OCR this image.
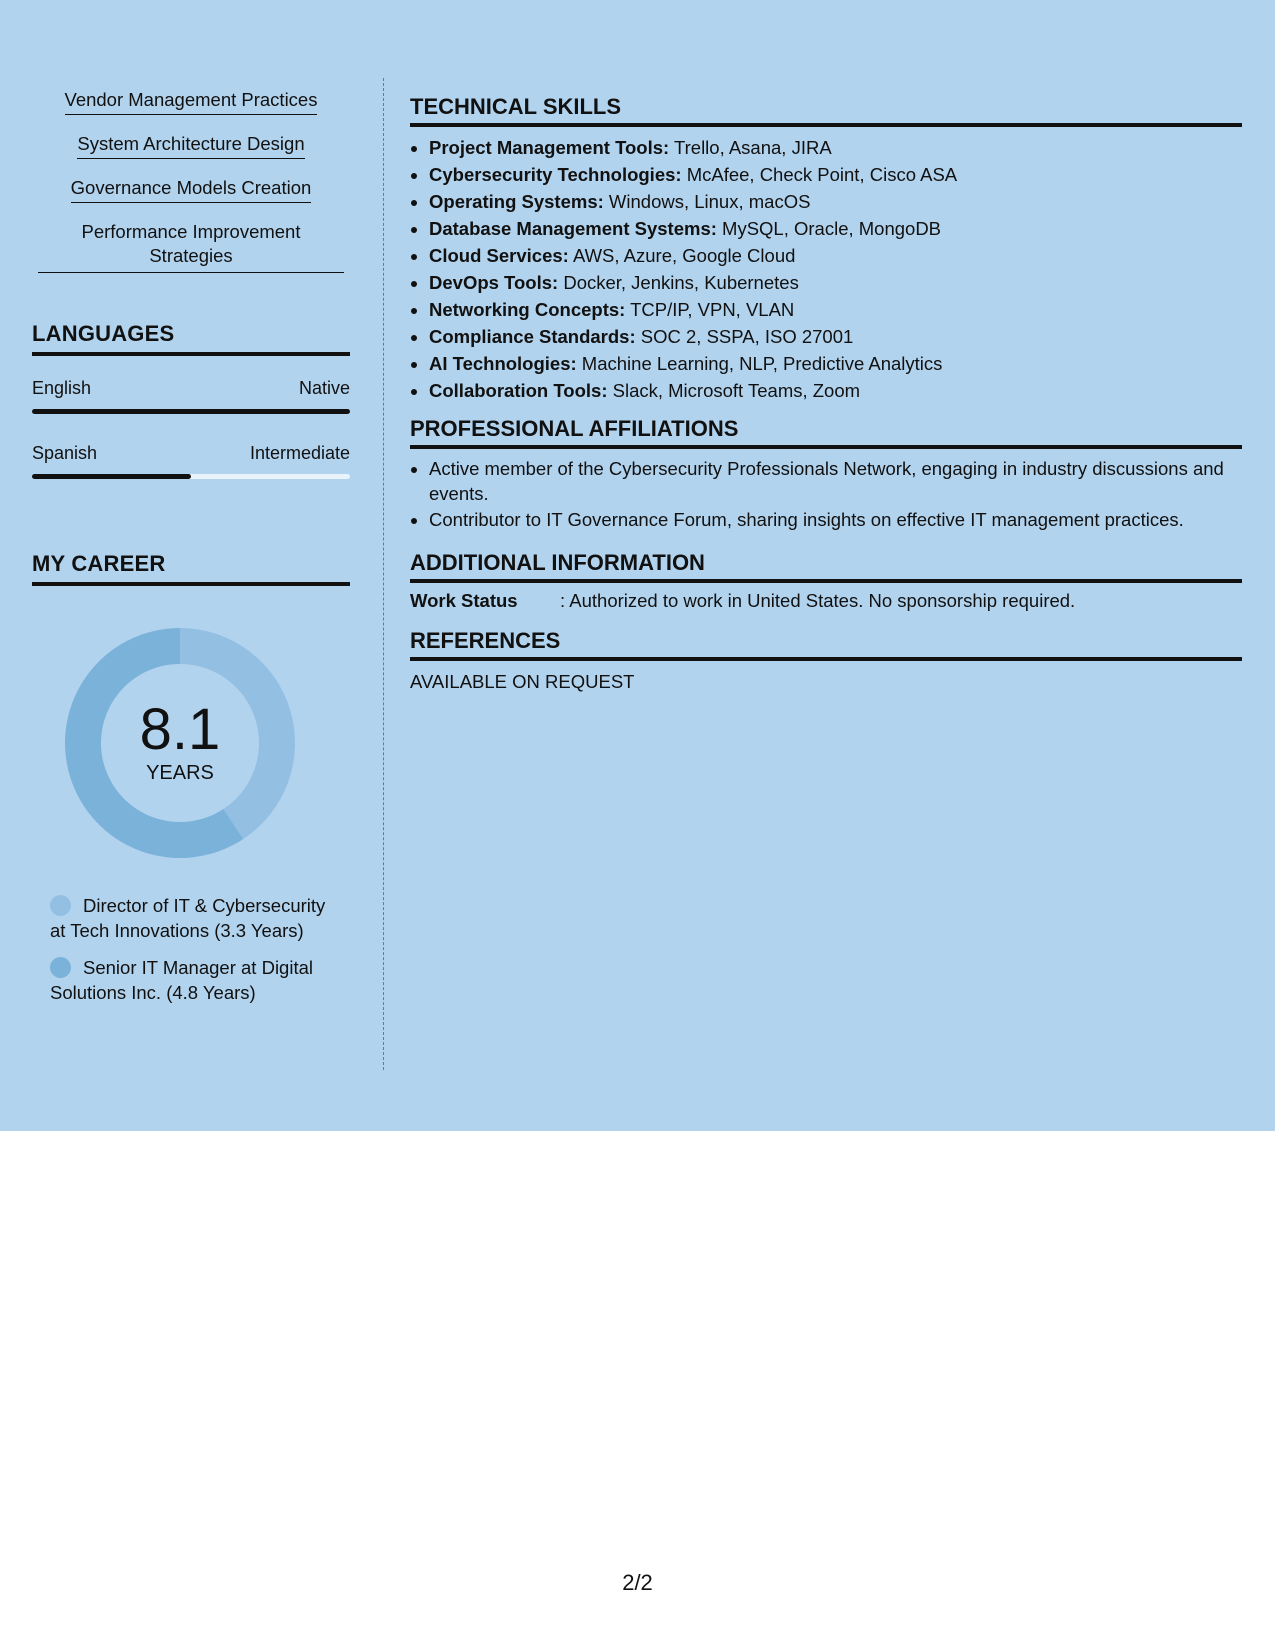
Vendor Management Practices
System Architecture Design
Governance Models Creation
Performance Improvement Strategies
LANGUAGES
English	Native
Spanish	Intermediate
MY CAREER
8.1
YEARS
Director of IT & Cybersecurity at Tech Innovations (3.3 Years)
Senior IT Manager at Digital Solutions Inc. (4.8 Years)
TECHNICAL SKILLS
• Project Management Tools: Trello, Asana, JIRA
• Cybersecurity Technologies: McAfee, Check Point, Cisco ASA
• Operating Systems: Windows, Linux, macOS
• Database Management Systems: MySQL, Oracle, MongoDB
• Cloud Services: AWS, Azure, Google Cloud
• DevOps Tools: Docker, Jenkins, Kubernetes
• Networking Concepts: TCP/IP, VPN, VLAN
• Compliance Standards: SOC 2, SSPA, ISO 27001
• AI Technologies: Machine Learning, NLP, Predictive Analytics
• Collaboration Tools: Slack, Microsoft Teams, Zoom
PROFESSIONAL AFFILIATIONS
• Active member of the Cybersecurity Professionals Network, engaging in industry discussions and events.
• Contributor to IT Governance Forum, sharing insights on effective IT management practices.
ADDITIONAL INFORMATION
Work Status	: Authorized to work in United States. No sponsorship required.
REFERENCES
AVAILABLE ON REQUEST
2/2
